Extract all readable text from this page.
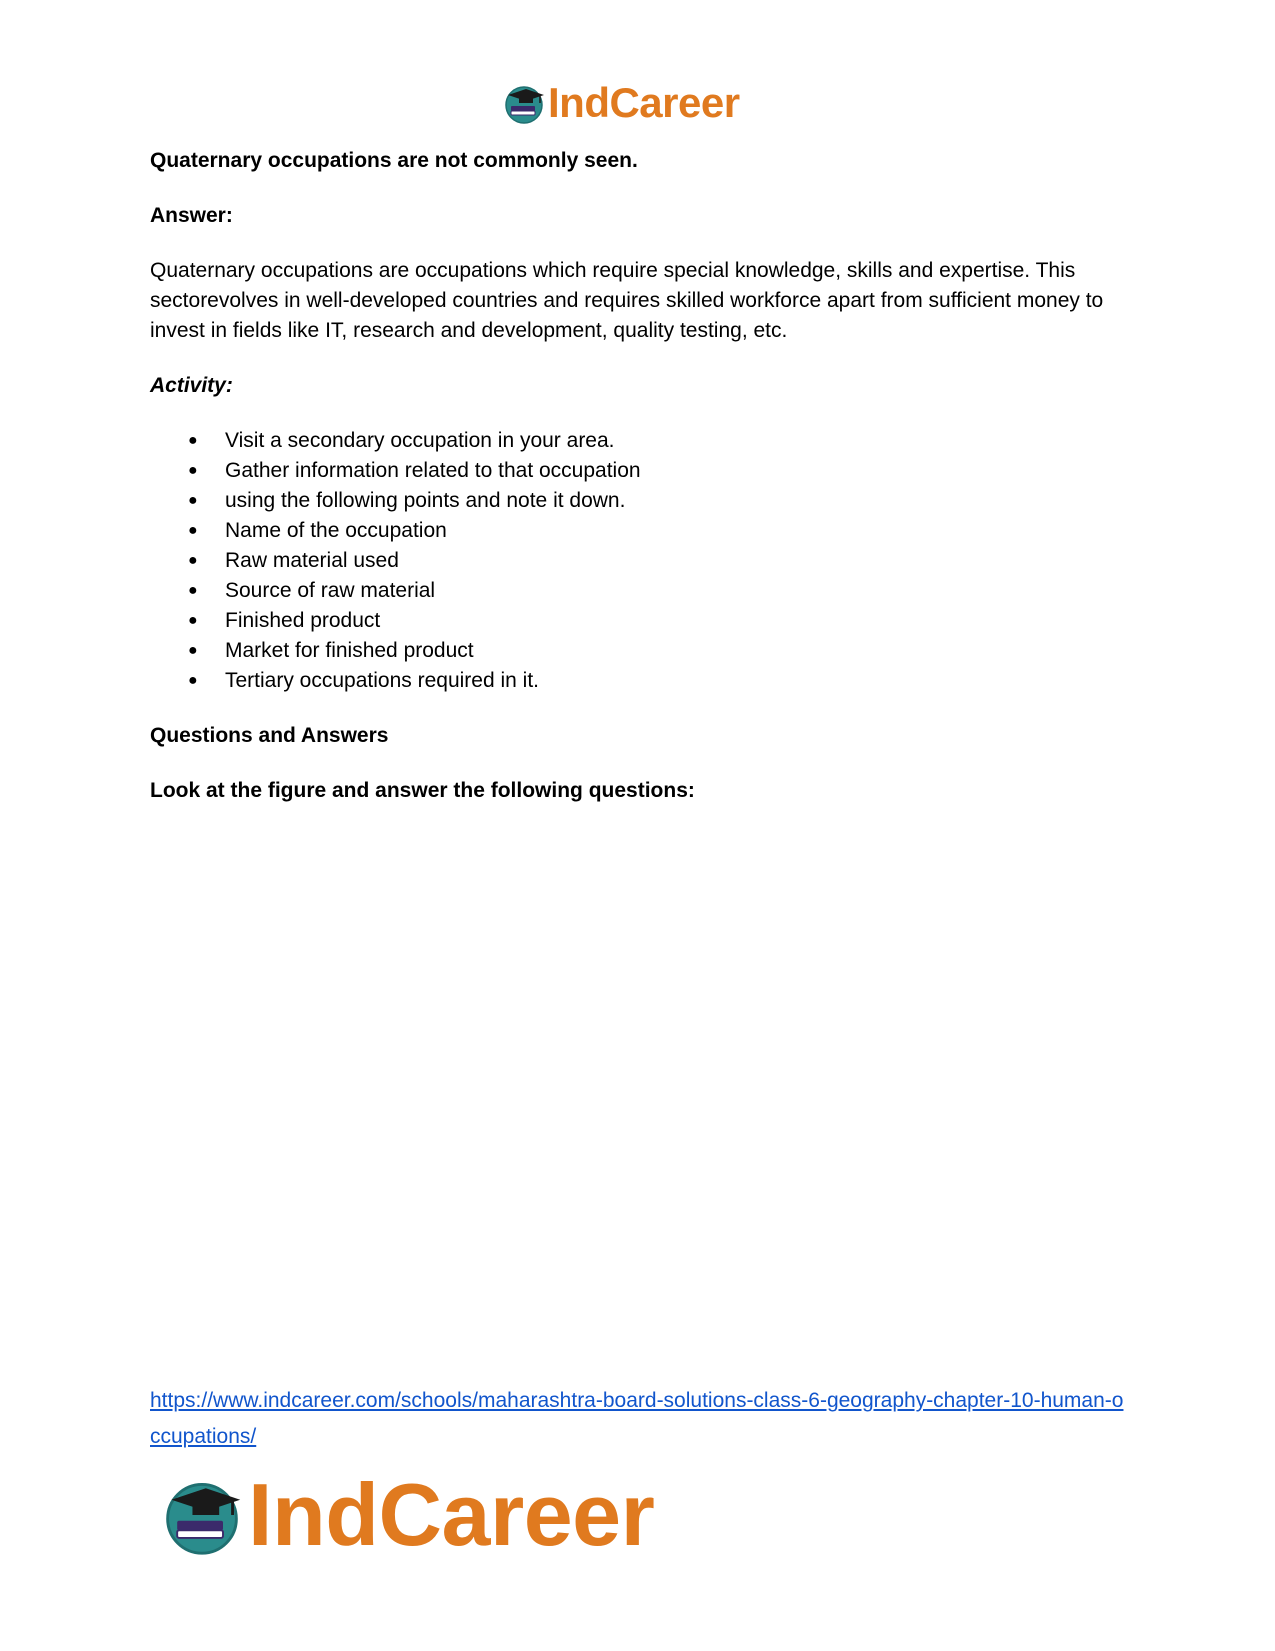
IndCareer

Quaternary occupations are not commonly seen.

Answer:

Quaternary occupations are occupations which require special knowledge, skills and expertise. This sectorevolves in well-developed countries and requires skilled workforce apart from sufficient money to invest in fields like IT, research and development, quality testing, etc.

Activity:

● Visit a secondary occupation in your area.
● Gather information related to that occupation
● using the following points and note it down.
● Name of the occupation
● Raw material used
● Source of raw material
● Finished product
● Market for finished product
● Tertiary occupations required in it.

Questions and Answers

Look at the figure and answer the following questions:

https://www.indcareer.com/schools/maharashtra-board-solutions-class-6-geography-chapter-10-human-occupations/
IndCareer
